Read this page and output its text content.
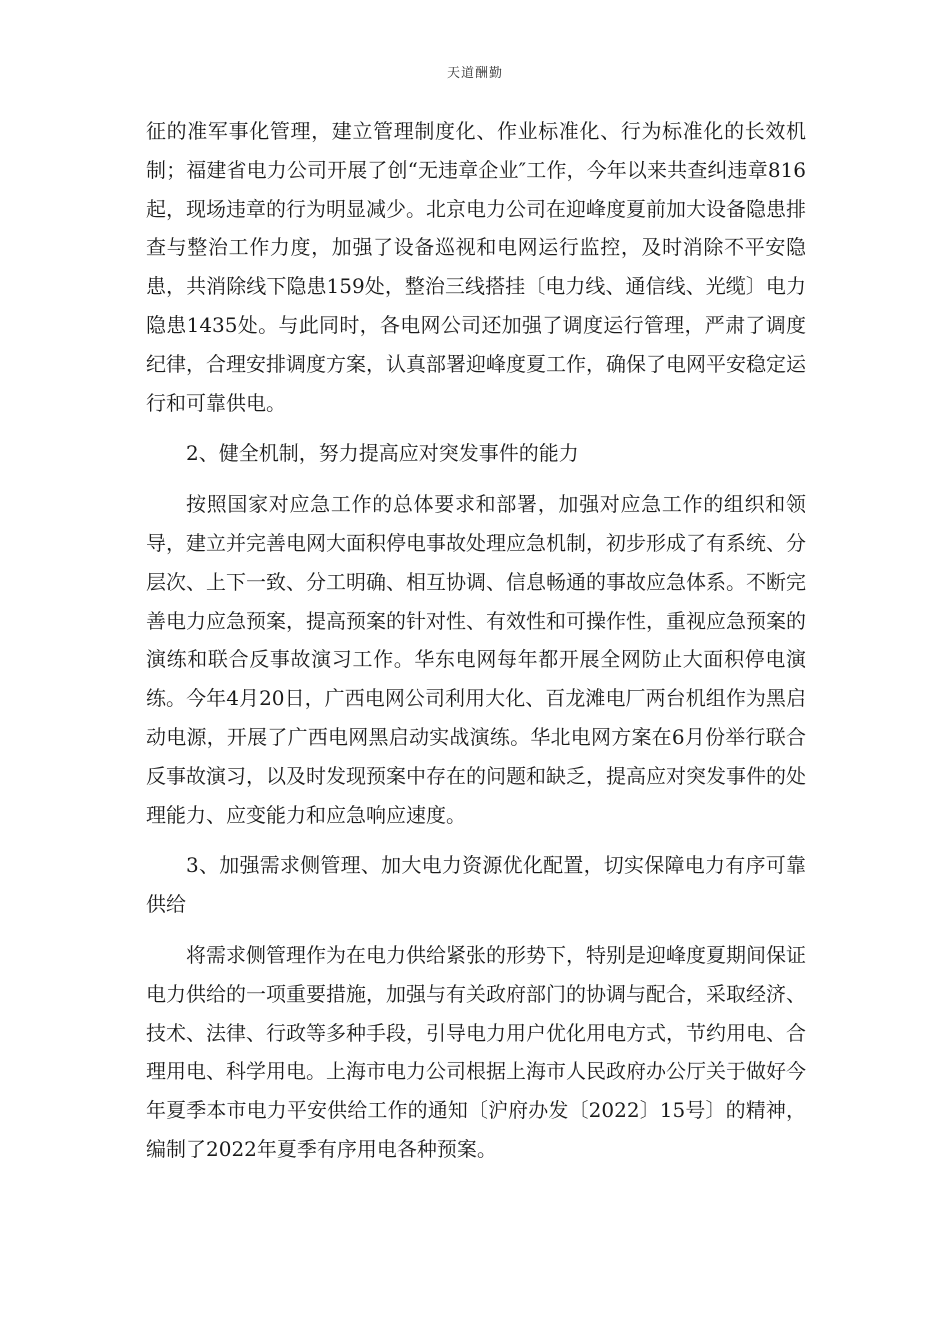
天道酬勤

征的准军事化管理，建立管理制度化、作业标准化、行为标准化的长效机制；福建省电力公司开展了创“无违章企业″工作，今年以来共查纠违章816起，现场违章的行为明显减少。北京电力公司在迎峰度夏前加大设备隐患排查与整治工作力度，加强了设备巡视和电网运行监控，及时消除不平安隐患，共消除线下隐患159处，整治三线搭挂〔电力线、通信线、光缆〕电力隐患1435处。与此同时，各电网公司还加强了调度运行管理，严肃了调度纪律，合理安排调度方案，认真部署迎峰度夏工作，确保了电网平安稳定运行和可靠供电。

2、健全机制，努力提高应对突发事件的能力

按照国家对应急工作的总体要求和部署，加强对应急工作的组织和领导，建立并完善电网大面积停电事故处理应急机制，初步形成了有系统、分层次、上下一致、分工明确、相互协调、信息畅通的事故应急体系。不断完善电力应急预案，提高预案的针对性、有效性和可操作性，重视应急预案的演练和联合反事故演习工作。华东电网每年都开展全网防止大面积停电演练。今年4月20日，广西电网公司利用大化、百龙滩电厂两台机组作为黑启动电源，开展了广西电网黑启动实战演练。华北电网方案在6月份举行联合反事故演习，以及时发现预案中存在的问题和缺乏，提高应对突发事件的处理能力、应变能力和应急响应速度。

3、加强需求侧管理、加大电力资源优化配置，切实保障电力有序可靠供给

将需求侧管理作为在电力供给紧张的形势下，特别是迎峰度夏期间保证电力供给的一项重要措施，加强与有关政府部门的协调与配合，采取经济、技术、法律、行政等多种手段，引导电力用户优化用电方式，节约用电、合理用电、科学用电。上海市电力公司根据上海市人民政府办公厅关于做好今年夏季本市电力平安供给工作的通知〔沪府办发〔2022〕15号〕的精神，编制了2022年夏季有序用电各种预案。
